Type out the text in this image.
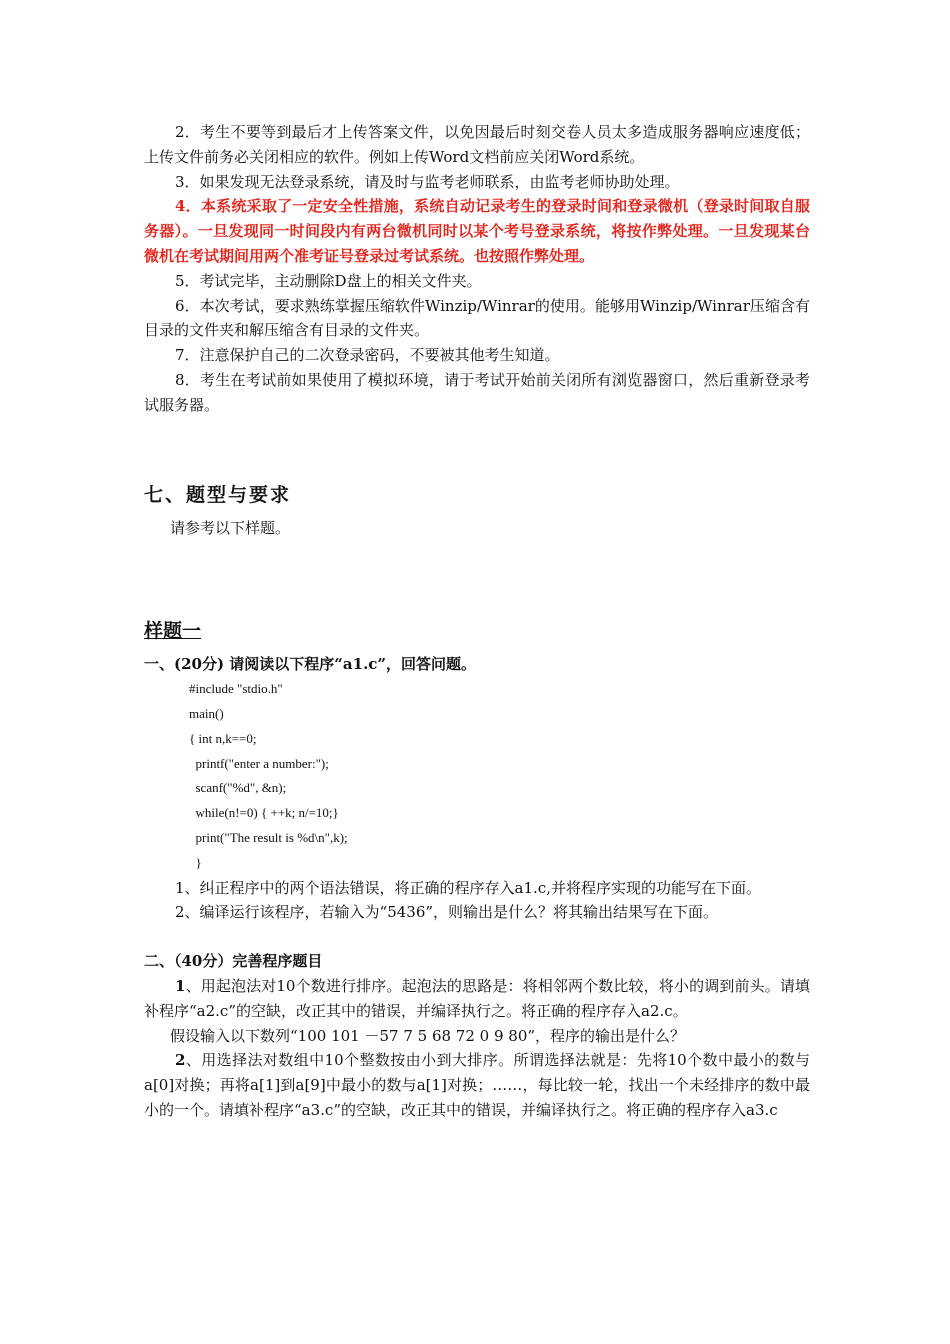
2．考生不要等到最后才上传答案文件，以免因最后时刻交卷人员太多造成服务器响应速度低；上传文件前务必关闭相应的软件。例如上传Word文档前应关闭Word系统。

3．如果发现无法登录系统，请及时与监考老师联系，由监考老师协助处理。

4．本系统采取了一定安全性措施，系统自动记录考生的登录时间和登录微机（登录时间取自服务器）。一旦发现同一时间段内有两台微机同时以某个考号登录系统，将按作弊处理。一旦发现某台微机在考试期间用两个准考证号登录过考试系统。也按照作弊处理。

5．考试完毕，主动删除D盘上的相关文件夹。

6．本次考试，要求熟练掌握压缩软件Winzip/Winrar的使用。能够用Winzip/Winrar压缩含有目录的文件夹和解压缩含有目录的文件夹。

7．注意保护自己的二次登录密码，不要被其他考生知道。

8．考生在考试前如果使用了模拟环境，请于考试开始前关闭所有浏览器窗口，然后重新登录考试服务器。

七、题型与要求

请参考以下样题。

样题一

一、(20分) 请阅读以下程序“a1.c”，回答问题。

#include "stdio.h"
main()
{ int n,k==0;
printf("enter a number:");
scanf("%d", &n);
while(n!=0) { ++k; n/=10;}
print("The result is %d\n",k);
}

1、纠正程序中的两个语法错误，将正确的程序存入a1.c,并将程序实现的功能写在下面。

2、编译运行该程序，若输入为“5436”，则输出是什么？将其输出结果写在下面。

二、（40分）完善程序题目

1、用起泡法对10个数进行排序。起泡法的思路是：将相邻两个数比较，将小的调到前头。请填补程序“a2.c”的空缺，改正其中的错误，并编译执行之。将正确的程序存入a2.c。

假设输入以下数列“100 101 －57 7 5 68 72 0 9 80”，程序的输出是什么？

2、用选择法对数组中10个整数按由小到大排序。所谓选择法就是：先将10个数中最小的数与a[0]对换；再将a[1]到a[9]中最小的数与a[1]对换；……，每比较一轮，找出一个未经排序的数中最小的一个。请填补程序“a3.c”的空缺，改正其中的错误，并编译执行之。将正确的程序存入a3.c
